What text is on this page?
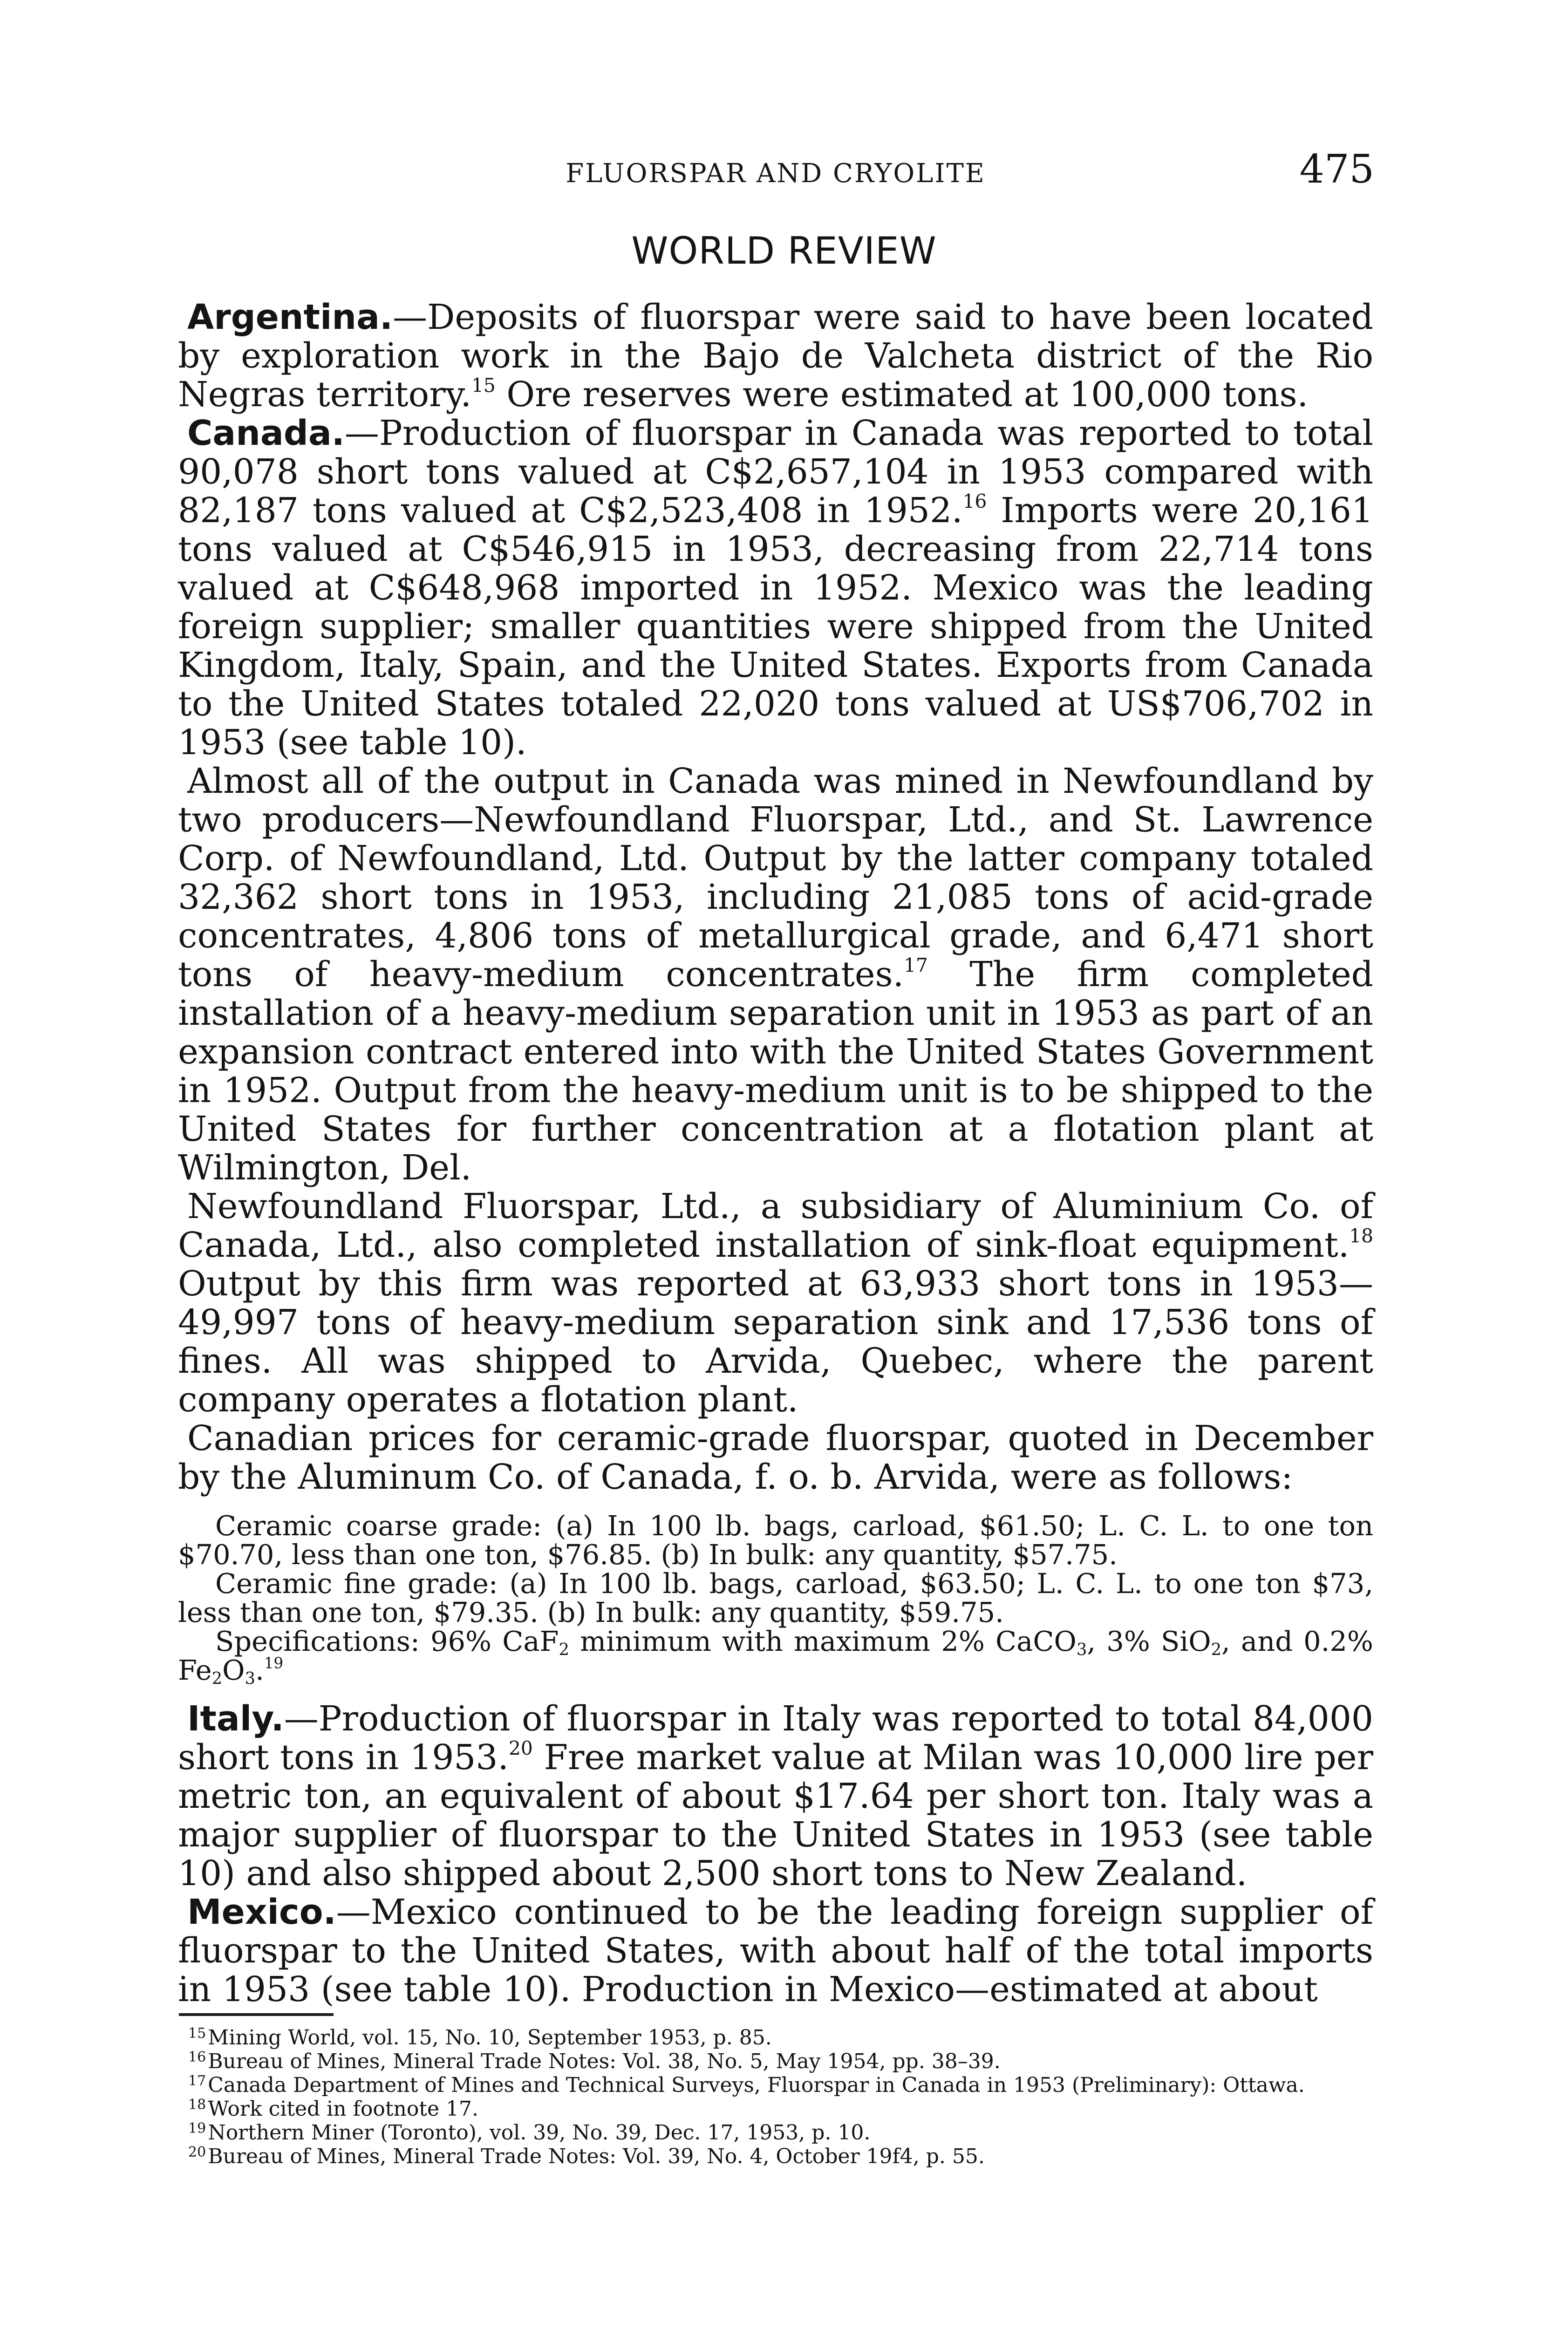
FLUORSPAR AND CRYOLITE	475
WORLD REVIEW

Argentina.—Deposits of fluorspar were said to have been located by exploration work in the Bajo de Valcheta district of the Rio Negras territory.$^{15}$ Ore reserves were estimated at 100,000 tons.

Canada.—Production of fluorspar in Canada was reported to total 90,078 short tons valued at C$2,657,104 in 1953 compared with 82,187 tons valued at C$2,523,408 in 1952.16 Imports were 20,161 tons valued at C$546,915 in 1953, decreasing from 22,714 tons valued at C$648,968 imported in 1952. Mexico was the leading foreign supplier; smaller quantities were shipped from the United Kingdom, Italy, Spain, and the United States. Exports from Canada to the United States totaled 22,020 tons valued at US$706,702 in 1953 (see table 10).

Almost all of the output in Canada was mined in Newfoundland by two producers—Newfoundland Fluorspar, Ltd., and St. Lawrence Corp. of Newfoundland, Ltd. Output by the latter company totaled 32,362 short tons in 1953, including 21,085 tons of acid-grade concentrates, 4,806 tons of metallurgical grade, and 6,471 short tons of heavy-medium concentrates.$^{17}$ The firm completed installation of a heavy-medium separation unit in 1953 as part of an expansion contract entered into with the United States Government in 1952. Output from the heavy-medium unit is to be shipped to the United States for further concentration at a flotation plant at Wilmington, Del.

Newfoundland Fluorspar, Ltd., a subsidiary of Aluminium Co. of Canada, Ltd., also completed installation of sink-float equipment.$^{18}$ Output by this firm was reported at 63,933 short tons in 1953—49,997 tons of heavy-medium separation sink and 17,536 tons of fines. All was shipped to Arvida, Quebec, where the parent company operates a flotation plant.

Canadian prices for ceramic-grade fluorspar, quoted in December by the Aluminum Co. of Canada, f. o. b. Arvida, were as follows:

Ceramic coarse grade: (a) In 100 lb. bags, carload, $61.50; L. C. L. to one ton $70.70, less than one ton, $76.85. (b) In bulk: any quantity, $57.75.

Ceramic fine grade: (a) In 100 lb. bags, carload, $63.50; L. C. L. to one ton $73, less than one ton, $79.35. (b) In bulk: any quantity, $59.75.

Specifications: 96% CaF$_2$ minimum with maximum 2% CaCO$_3$, 3% SiO$_2$, and 0.2% $Fe_2O_3.^{19}$

Italy.—Production of fluorspar in Italy was reported to total 84,000 short tons in 1953.20 Free market value at Milan was 10,000 lire per metric ton, an equivalent of about $17.64 per short ton. Italy was a major supplier of fluorspar to the United States in 1953 (see table 10) and also shipped about 2,500 short tons to New Zealand.

Mexico.—Mexico continued to be the leading foreign supplier of fluorspar to the United States, with about half of the total imports in 1953 (see table 10). Production in Mexico—estimated at about

$^{15}$Mining World, vol. 15, No. 10, September 1953, p. 85.

$^{16}$Bureau of Mines, Mineral Trade Notes: Vol. 38, No. 5, May 1954, pp. 38–39.

$^{17}$Canada Department of Mines and Technical Surveys, Fluorspar in Canada in 1953 (Preliminary): Ottawa.

$^{18}$Work cited in footnote 17.

$^{19}$Northern Miner (Toronto), vol. 39, No. 39, Dec. 17, 1953, p. 10.

$^{20}$Bureau of Mines, Mineral Trade Notes: Vol. 39, No. 4, October 19f4, p. 55.
